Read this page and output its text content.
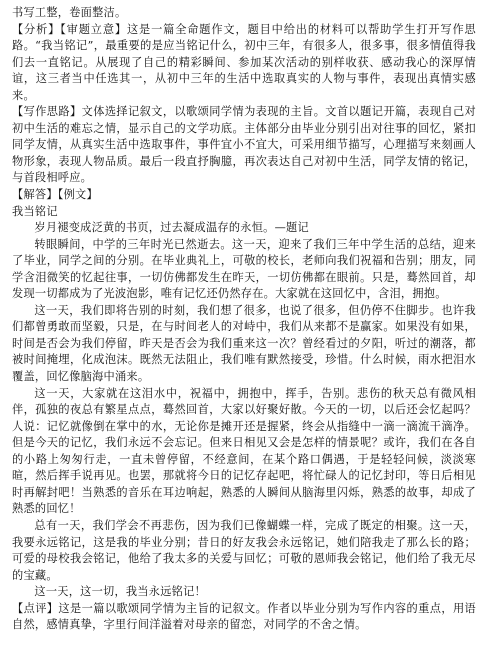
书写工整，卷面整洁。

【分析】【审题立意】这是一篇全命题作文，题目中给出的材料可以帮助学生打开写作思路。“我当铭记”，最重要的是应当铭记什么，初中三年，有很多人，很多事，很多情值得我们去一直铭记。从展现了自己的精彩瞬间、参加某次活动的别样收获、感动我心的深厚情谊，这三者当中任选其一，从初中三年的生活中选取真实的人物与事件，表现出真情实感来。

【写作思路】文体选择记叙文，以歌颂同学情为表现的主旨。文首以题记开篇，表现自己对初中生活的难忘之情，显示自己的文学功底。主体部分由毕业分别引出对往事的回忆，紧扣同学友情，从真实生活中选取事件，事件宜小不宜大，可采用细节描写，心理描写来刻画人物形象，表现人物品质。最后一段直抒胸臆，再次表达自己对初中生活，同学友情的铭记，与首段相呼应。

【解答】【例文】

我当铭记

岁月褪变成泛黄的书页，过去凝成温存的永恒。—题记

转眼瞬间，中学的三年时光已然逝去。这一天，迎来了我们三年中学生活的总结，迎来了毕业，同学之间的分别。在毕业典礼上，可敬的校长，老师向我们祝福和告别；朋友，同学含泪微笑的忆起往事，一切仿佛都发生在昨天，一切仿佛都在眼前。只是，蓦然回首，却发现一切都成为了光波泡影，唯有记忆还仍然存在。大家就在这回忆中，含泪，拥抱。

这一天，我们即将告别的时刻，我们想了很多，也说了很多，但仍停不住脚步。也许我们都曾勇敢而坚毅，只是，在与时间老人的对峙中，我们从来都不是赢家。如果没有如果，时间是否会为我们停留，昨天是否会为我们重来这一次？曾经看过的夕阳，听过的潮落，都被时间掩埋，化成泡沫。既然无法阻止，我们唯有默然接受，珍惜。什么时候，雨水把泪水覆盖，回忆像脑海中涌来。

这一天，大家就在这泪水中，祝福中，拥抱中，挥手，告别。悲伤的秋天总有微风相伴，孤独的夜总有繁星点点，蓦然回首，大家以好聚好散。今天的一切，以后还会忆起吗？人说：记忆就像倒在掌中的水，无论你是摊开还是握紧，终会从指缝中一滴一滴流干滴净。但是今天的记忆，我们永远不会忘记。但来日相见又会是怎样的情景呢？或许，我们在各自的小路上匆匆行走，一直未曾停留，不经意间，在某个路口偶遇，于是轻轻问候，淡淡寒暄，然后挥手说再见。也罢，那就将今日的记忆存起吧，将忙碌人的记忆封印，等日后相见时再解封吧！当熟悉的音乐在耳边响起，熟悉的人瞬间从脑海里闪烁，熟悉的故事，却成了熟悉的回忆！

总有一天，我们学会不再悲伤，因为我们已像蝴蝶一样，完成了既定的相聚。这一天，我要永远铭记，这是我的毕业分别；昔日的好友我会永远铭记，她们陪我走了那么长的路；可爱的母校我会铭记，他给了我太多的关爱与回忆；可敬的恩师我会铭记，他们给了我无尽的宝藏。

这一天，这一切，我当永远铭记！

【点评】这是一篇以歌颂同学情为主旨的记叙文。作者以毕业分别为写作内容的重点，用语自然，感情真挚，字里行间洋溢着对母亲的留恋，对同学的不舍之情。
